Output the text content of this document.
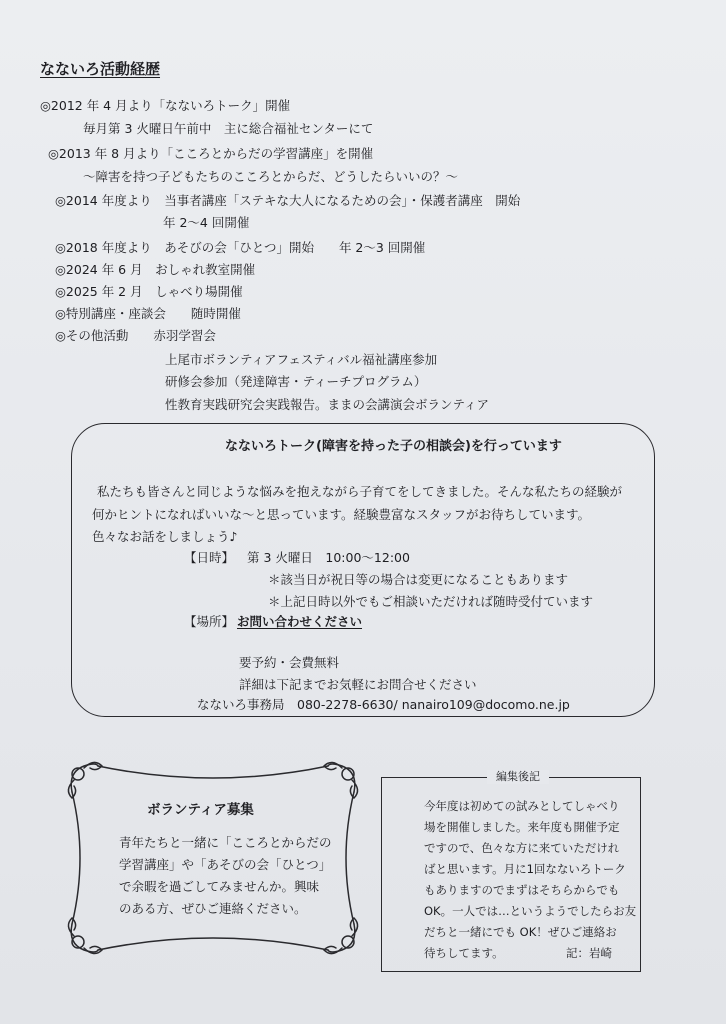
なないろ活動経歴
◎2012 年 4 月より「なないろトーク」開催
毎月第 3 火曜日午前中　主に総合福祉センターにて
◎2013 年 8 月より「こころとからだの学習講座」を開催
～障害を持つ子どもたちのこころとからだ、どうしたらいいの？～
◎2014 年度より　当事者講座「ステキな大人になるための会」・保護者講座　開始
年 2～4 回開催
◎2018 年度より　あそびの会「ひとつ」開始　　年 2～3 回開催
◎2024 年 6 月　おしゃれ教室開催
◎2025 年 2 月　しゃべり場開催
◎特別講座・座談会　　随時開催
◎その他活動　　赤羽学習会
上尾市ボランティアフェスティバル福祉講座参加
研修会参加（発達障害・ティーチプログラム）
性教育実践研究会実践報告。ままの会講演会ボランティア
なないろトーク(障害を持った子の相談会)を行っています
私たちも皆さんと同じような悩みを抱えながら子育てをしてきました。そんな私たちの経験が
何かヒントになればいいな～と思っています。経験豊富なスタッフがお待ちしています。
色々なお話をしましょう♪
【日時】 第 3 火曜日　10:00～12:00
＊該当日が祝日等の場合は変更になることもあります
＊上記日時以外でもご相談いただければ随時受付ています
【場所】 お問い合わせください
要予約・会費無料
詳細は下記までお気軽にお問合せください
なないろ事務局　080-2278-6630/ nanairo109@docomo.ne.jp
ボランティア募集
青年たちと一緒に「こころとからだの
学習講座」や「あそびの会「ひとつ」
で余暇を過ごしてみませんか。興味
のある方、ぜひご連絡ください。
編集後記
今年度は初めての試みとしてしゃべり
場を開催しました。来年度も開催予定
ですので、色々な方に来ていただけれ
ばと思います。月に1回なないろトーク
もありますのでまずはそちらからでも
OK。一人では…というようでしたらお友
だちと一緒にでも OK！ぜひご連絡お
待ちしてます。	記：岩崎
